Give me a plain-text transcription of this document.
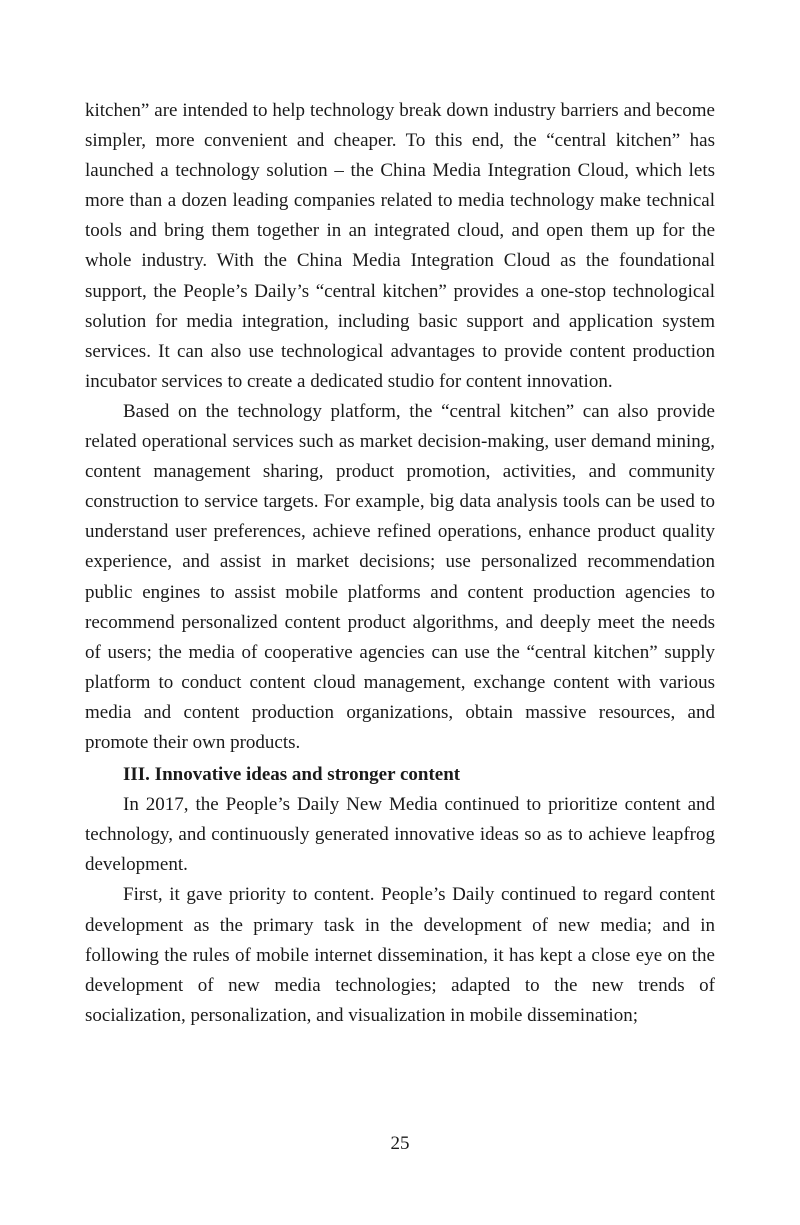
kitchen” are intended to help technology break down industry barriers and become simpler, more convenient and cheaper. To this end, the “central kitchen” has launched a technology solution – the China Media Integration Cloud, which lets more than a dozen leading companies related to media technology make technical tools and bring them together in an integrated cloud, and open them up for the whole industry. With the China Media Integration Cloud as the foundational support, the People’s Daily’s “central kitchen” provides a one-stop technological solution for media integration, including basic support and application system services. It can also use technological advantages to provide content production incubator services to create a dedicated studio for content innovation.

Based on the technology platform, the “central kitchen” can also provide related operational services such as market decision-making, user demand mining, content management sharing, product promotion, activities, and community construction to service targets. For example, big data analysis tools can be used to understand user preferences, achieve refined operations, enhance product quality experience, and assist in market decisions; use personalized recommendation public engines to assist mobile platforms and content production agencies to recommend personalized content product algorithms, and deeply meet the needs of users; the media of cooperative agencies can use the “central kitchen” supply platform to conduct content cloud management, exchange content with various media and content production organizations, obtain massive resources, and promote their own products.

III. Innovative ideas and stronger content

In 2017, the People’s Daily New Media continued to prioritize content and technology, and continuously generated innovative ideas so as to achieve leapfrog development.

First, it gave priority to content. People’s Daily continued to regard content development as the primary task in the development of new media; and in following the rules of mobile internet dissemination, it has kept a close eye on the development of new media technologies; adapted to the new trends of socialization, personalization, and visualization in mobile dissemination;

25
